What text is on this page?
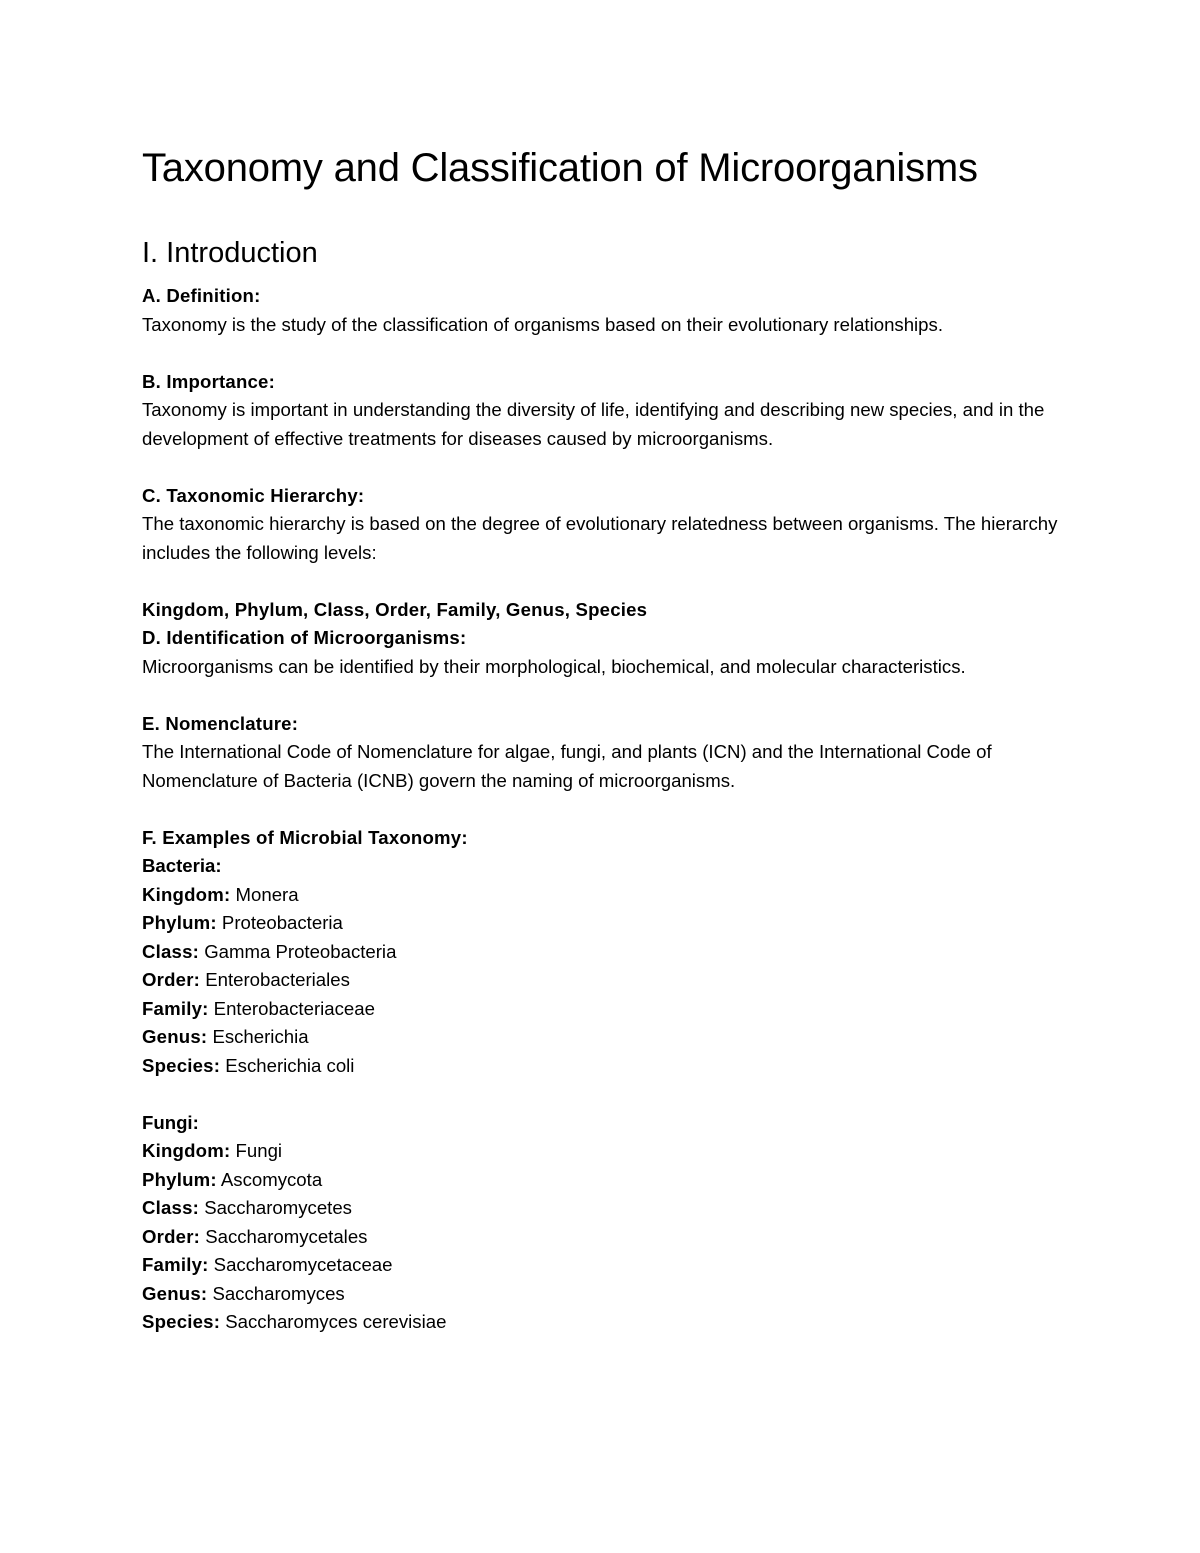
Taxonomy and Classification of Microorganisms
I. Introduction

A. Definition:

Taxonomy is the study of the classification of organisms based on their evolutionary relationships.

B. Importance:

Taxonomy is important in understanding the diversity of life, identifying and describing new species, and in the development of effective treatments for diseases caused by microorganisms.

C. Taxonomic Hierarchy:

The taxonomic hierarchy is based on the degree of evolutionary relatedness between organisms. The hierarchy includes the following levels:

Kingdom, Phylum, Class, Order, Family, Genus, Species

D. Identification of Microorganisms:

Microorganisms can be identified by their morphological, biochemical, and molecular characteristics.

E. Nomenclature:

The International Code of Nomenclature for algae, fungi, and plants (ICN) and the International Code of Nomenclature of Bacteria (ICNB) govern the naming of microorganisms.

F. Examples of Microbial Taxonomy:

Bacteria:

Kingdom: Monera

Phylum: Proteobacteria

Class: Gamma Proteobacteria

Order: Enterobacteriales

Family: Enterobacteriaceae

Genus: Escherichia

Species: Escherichia coli

Fungi:

Kingdom: Fungi

Phylum: Ascomycota

Class: Saccharomycetes

Order: Saccharomycetales

Family: Saccharomycetaceae

Genus: Saccharomyces

Species: Saccharomyces cerevisiae
